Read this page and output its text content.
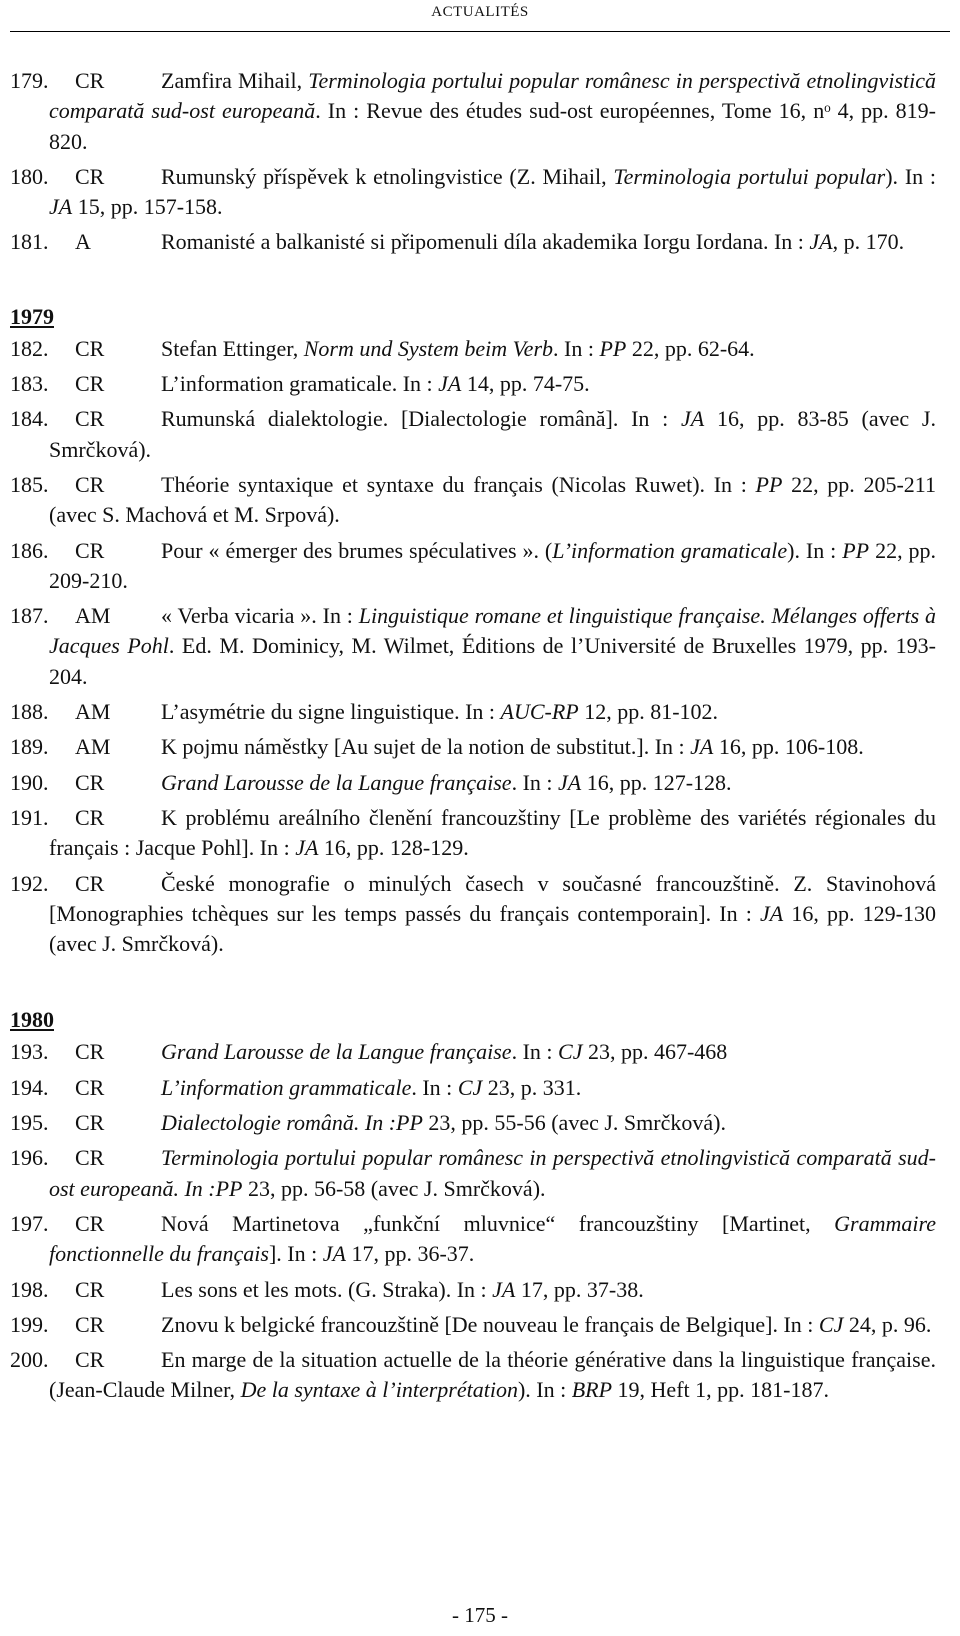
ACTUALITÉS
179. CR	Zamfira Mihail, Terminologia portului popular românesc in perspectivă etnolingvistică comparată sud-ost europeană. In : Revue des études sud-ost européennes, Tome 16, nᵒ 4, pp. 819-820.
180. CR	Rumunský příspěvek k etnolingvistice (Z. Mihail, Terminologia portului popular). In : JA 15, pp. 157-158.
181. A	Romanisté a balkanisté si připomenuli díla akademika Iorgu Iordana. In : JA, p. 170.
1979
182. CR	Stefan Ettinger, Norm und System beim Verb. In : PP 22, pp. 62-64.
183. CR	L’information gramaticale. In : JA 14, pp. 74-75.
184. CR	Rumunská dialektologie. [Dialectologie română]. In : JA 16, pp. 83-85 (avec J. Smrčková).
185. CR	Théorie syntaxique et syntaxe du français (Nicolas Ruwet). In : PP 22, pp. 205-211 (avec S. Machová et M. Srpová).
186. CR	Pour « émerger des brumes spéculatives ». (L’information gramaticale). In : PP 22, pp. 209-210.
187. AM « Verba vicaria ». In : Linguistique romane et linguistique française. Mélanges offerts à Jacques Pohl. Ed. M. Dominicy, M. Wilmet, Éditions de l’Université de Bruxelles 1979, pp. 193-204.
188. AM L’asymétrie du signe linguistique. In : AUC-RP 12, pp. 81-102.
189. AM K pojmu náměstky [Au sujet de la notion de substitut.]. In : JA 16, pp. 106-108.
190. CR	Grand Larousse de la Langue française. In : JA 16, pp. 127-128.
191. CR	K problému areálního členění francouzštiny [Le problème des variétés régionales du français : Jacque Pohl]. In : JA 16, pp. 128-129.
192. CR	České monografie o minulých časech v současné francouzštině. Z. Stavinohová [Monographies tchèques sur les temps passés du français contemporain]. In : JA 16, pp. 129-130 (avec J. Smrčková).
1980
193. CR	Grand Larousse de la Langue française. In : CJ 23, pp. 467-468
194. CR	L’information grammaticale. In : CJ 23, p. 331.
195. CR	Dialectologie română. In :PP 23, pp. 55-56 (avec J. Smrčková).
196. CR	Terminologia portului popular românesc in perspectivă etnolingvistică comparată sud-ost europeană. In :PP 23, pp. 56-58 (avec J. Smrčková).
197. CR	Nová Martinetova „funkční mluvnice“ francouzštiny [Martinet, Grammaire fonctionnelle du français]. In : JA 17, pp. 36-37.
198. CR	Les sons et les mots. (G. Straka). In : JA 17, pp. 37-38.
199. CR	Znovu k belgické francouzštině [De nouveau le français de Belgique]. In : CJ 24, p. 96.
200. CR	En marge de la situation actuelle de la théorie générative dans la linguistique française. (Jean-Claude Milner, De la syntaxe à l’interprétation). In : BRP 19, Heft 1, pp. 181-187.
- 175 -
